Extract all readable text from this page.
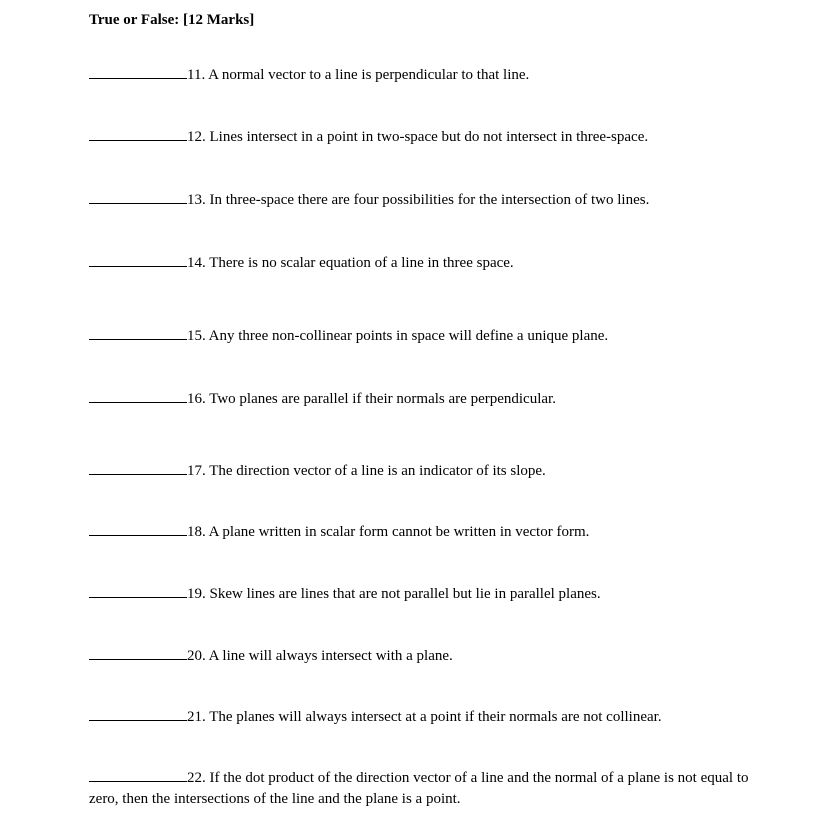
True or False: [12 Marks]
11. A normal vector to a line is perpendicular to that line.
12. Lines intersect in a point in two-space but do not intersect in three-space.
13. In three-space there are four possibilities for the intersection of two lines.
14. There is no scalar equation of a line in three space.
15. Any three non-collinear points in space will define a unique plane.
16. Two planes are parallel if their normals are perpendicular.
17. The direction vector of a line is an indicator of its slope.
18. A plane written in scalar form cannot be written in vector form.
19. Skew lines are lines that are not parallel but lie in parallel planes.
20. A line will always intersect with a plane.
21. The planes will always intersect at a point if their normals are not collinear.
22. If the dot product of the direction vector of a line and the normal of a plane is not equal to zero, then the intersections of the line and the plane is a point.
